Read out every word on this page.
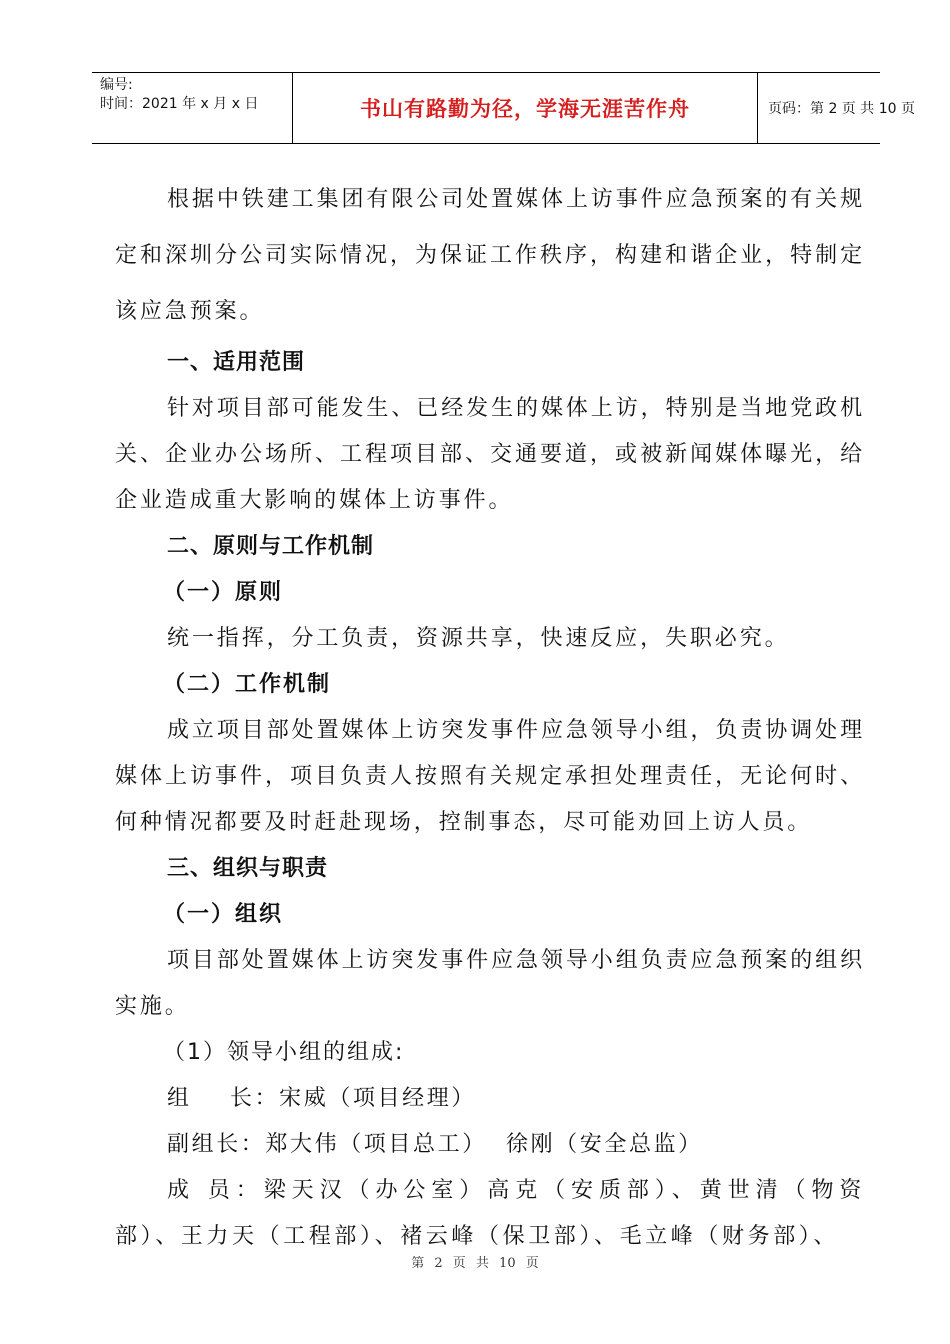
编号:
时间：2021 年 x 月 x 日	书山有路勤为径，学海无涯苦作舟	页码：第 2 页 共 10 页

根据中铁建工集团有限公司处置媒体上访事件应急预案的有关规定和深圳分公司实际情况，为保证工作秩序，构建和谐企业，特制定该应急预案。

一、适用范围

针对项目部可能发生、已经发生的媒体上访，特别是当地党政机关、企业办公场所、工程项目部、交通要道，或被新闻媒体曝光，给企业造成重大影响的媒体上访事件。

二、原则与工作机制

（一）原则

统一指挥，分工负责，资源共享，快速反应，失职必究。

（二）工作机制

成立项目部处置媒体上访突发事件应急领导小组，负责协调处理媒体上访事件，项目负责人按照有关规定承担处理责任，无论何时、何种情况都要及时赶赴现场，控制事态，尽可能劝回上访人员。

三、组织与职责

（一）组织

项目部处置媒体上访突发事件应急领导小组负责应急预案的组织实施。

（1）领导小组的组成:

组    长：宋威（项目经理）

副组长：郑大伟（项目总工）  徐刚（安全总监）

成 员：梁天汉（办公室）高克（安质部）、黄世清（物资部）、王力天（工程部）、褚云峰（保卫部）、毛立峰（财务部）、

第 2 页 共 10 页
